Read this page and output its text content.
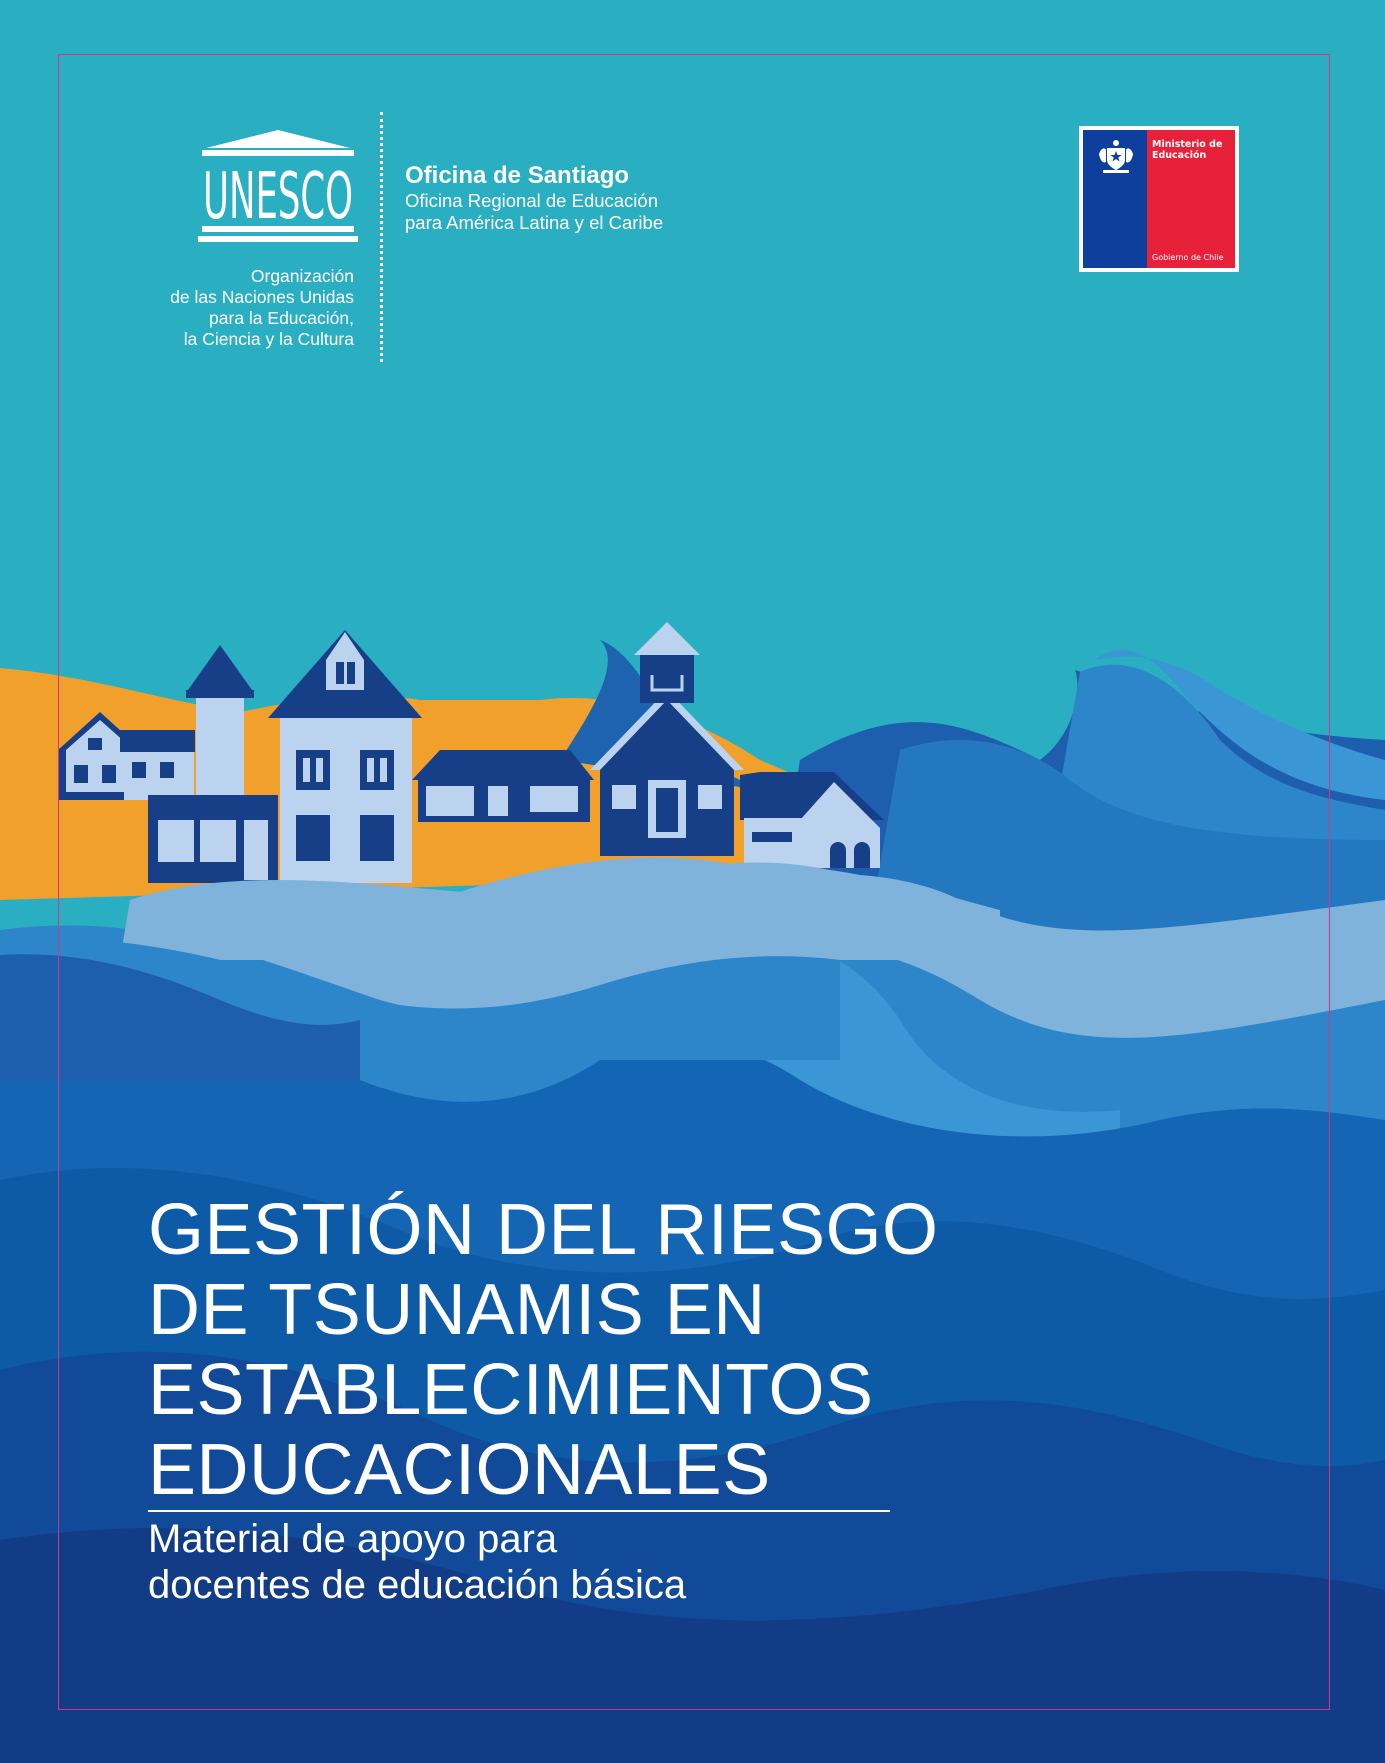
UNESCO
Organización
de las Naciones Unidas
para la Educación,
la Ciencia y la Cultura
Oficina de Santiago
Oficina Regional de Educación
para América Latina y el Caribe
Ministerio de
Educación
Gobierno de Chile
GESTIÓN DEL RIESGO
DE TSUNAMIS EN
ESTABLECIMIENTOS
EDUCACIONALES
Material de apoyo para
docentes de educación básica
